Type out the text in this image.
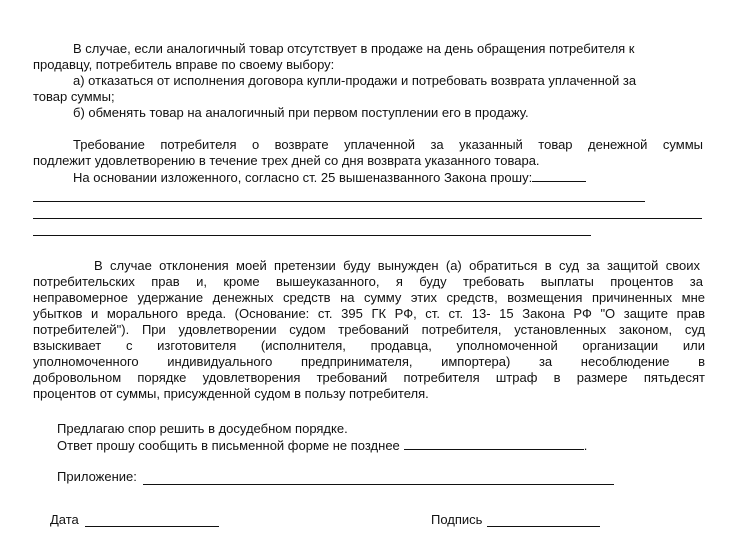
В случае, если аналогичный товар отсутствует в продаже на день обращения потребителя к
продавцу, потребитель вправе по своему выбору:
а) отказаться от исполнения договора купли-продажи и потребовать возврата уплаченной за
товар суммы;
б) обменять товар на аналогичный при первом поступлении его в продажу.
Требование потребителя о возврате уплаченной за указанный товар денежной суммы
подлежит удовлетворению в течение трех дней со дня возврата указанного товара.
На основании изложенного, согласно ст. 25 вышеназванного Закона прошу:
В случае отклонения моей претензии буду вынужден (а) обратиться в суд за защитой своих
потребительских прав и, кроме вышеуказанного, я буду требовать выплаты процентов за
неправомерное удержание денежных средств на сумму этих средств, возмещения причиненных мне
убытков и морального вреда. (Основание: ст. 395 ГК РФ, ст. ст. 13- 15 Закона РФ "О защите прав
потребителей"). При удовлетворении судом требований потребителя, установленных законом, суд
взыскивает с изготовителя (исполнителя, продавца, уполномоченной организации или
уполномоченного индивидуального предпринимателя, импортера) за несоблюдение в
добровольном порядке удовлетворения требований потребителя штраф в размере пятьдесят
процентов от суммы, присужденной судом в пользу потребителя.
Предлагаю спор решить в досудебном порядке.
Ответ прошу сообщить в письменной форме не позднее	.
Приложение:
Дата	Подпись
